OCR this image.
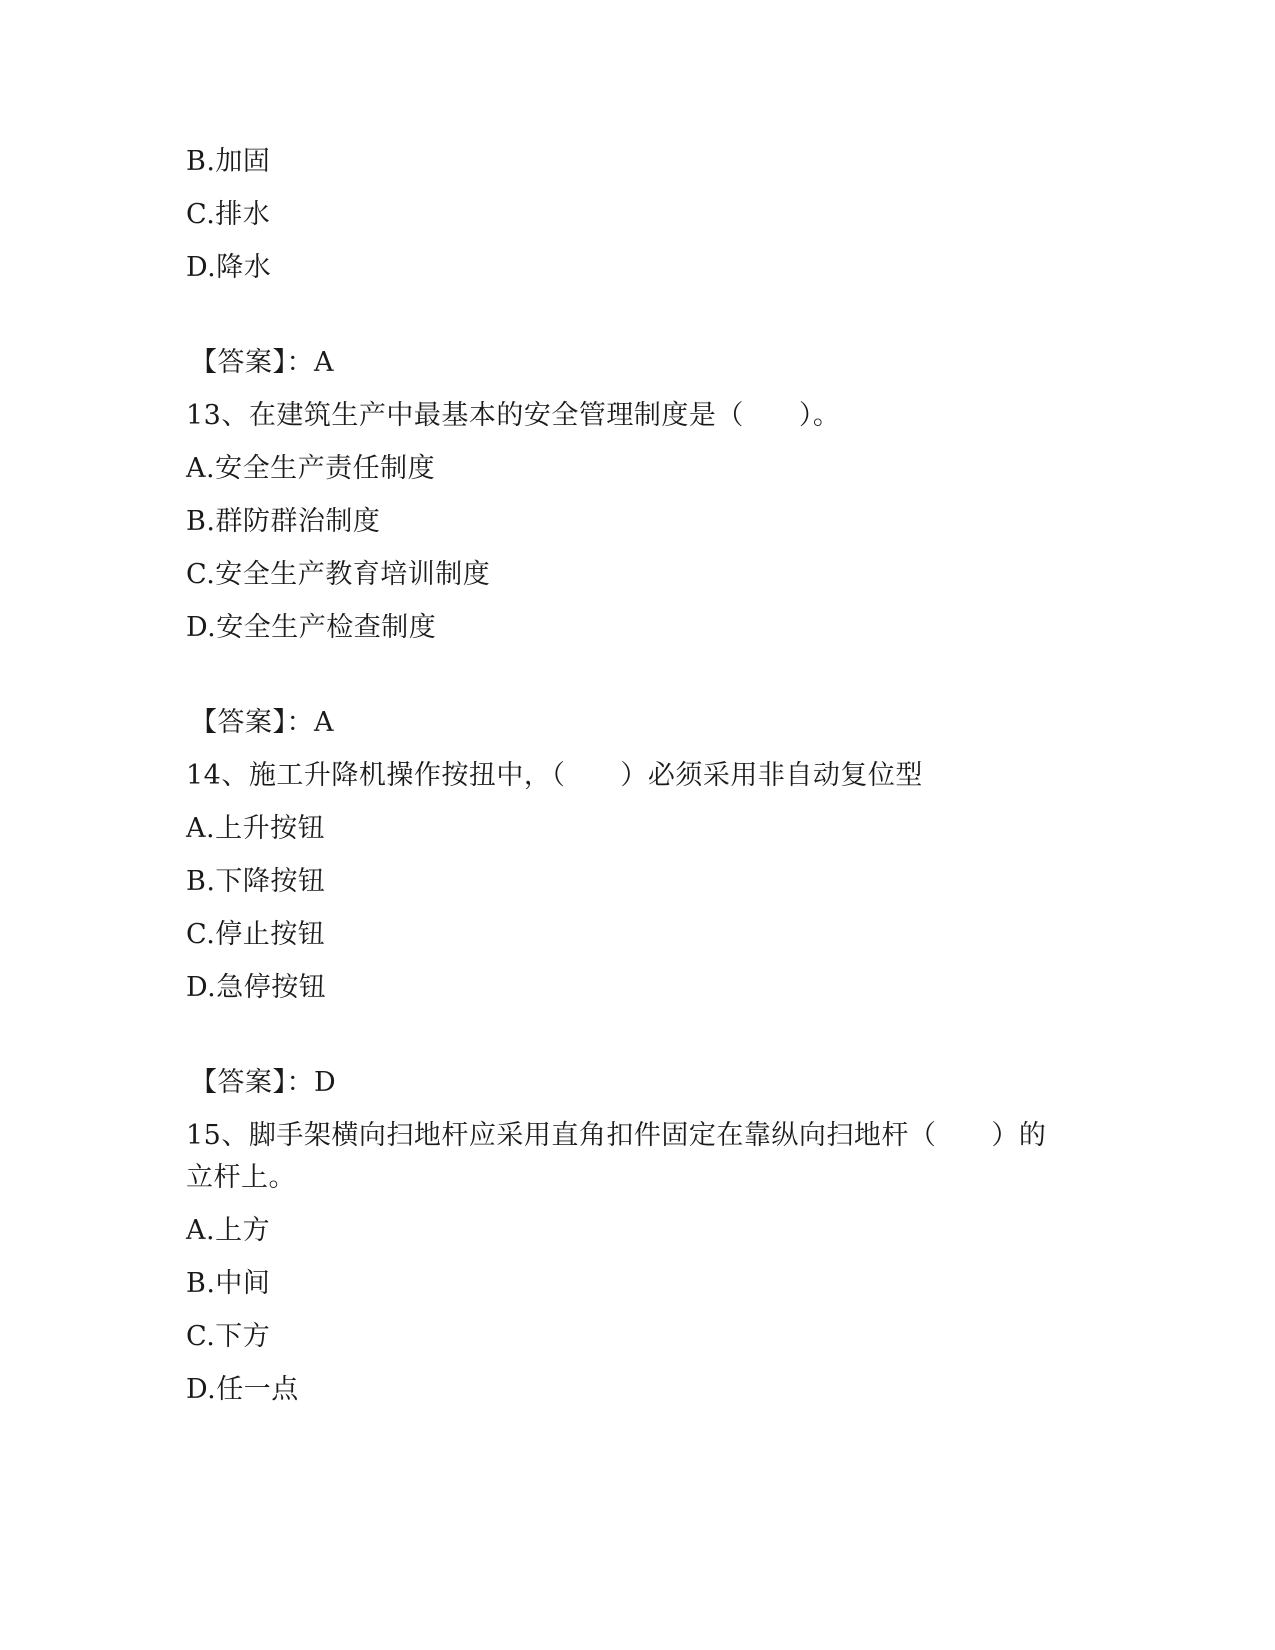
B.加固
C.排水
D.降水
【答案】：A
13、在建筑生产中最基本的安全管理制度是（　　）。
A.安全生产责任制度
B.群防群治制度
C.安全生产教育培训制度
D.安全生产检查制度
【答案】：A
14、施工升降机操作按扭中，（　　）必须采用非自动复位型
A.上升按钮
B.下降按钮
C.停止按钮
D.急停按钮
【答案】：D
15、脚手架横向扫地杆应采用直角扣件固定在靠纵向扫地杆（　　）的
立杆上。
A.上方
B.中间
C.下方
D.任一点
